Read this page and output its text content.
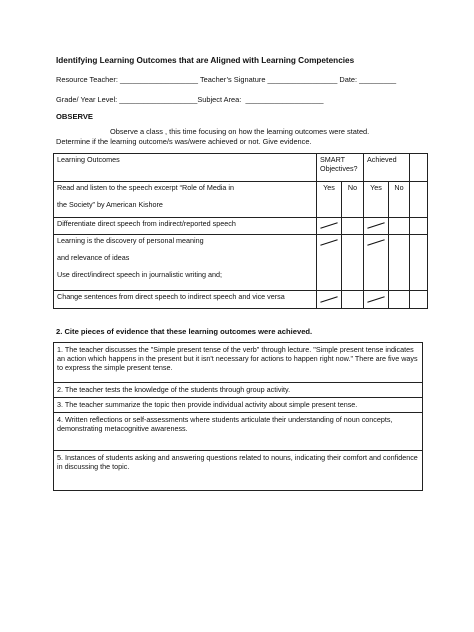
Identifying Learning Outcomes that are Aligned with Learning Competencies
Resource Teacher: ___________________ Teacher’s Signature _________________ Date: _________
Grade/ Year Level: ___________________Subject Area:  ___________________
OBSERVE
Observe a class , this time focusing on how the learning outcomes were stated.
Determine if the learning outcome/s was/were achieved or not. Give evidence.
Learning Outcomes	SMART Objectives?		Achieved		

Read and listen to the speech excerpt “Role of Media in
the Society” by American Kishore	Yes	No	Yes	No	
Differentiate direct speech from indirect/reported speech					

Learning is the discovery of personal meaning
and relevance of ideas
Use direct/indirect speech in journalistic writing and;					

Change sentences from direct speech to indirect speech and vice versa					
2. Cite pieces of evidence that these learning outcomes were achieved.
1. The teacher discusses the "Simple present tense of the verb" through lecture. "Simple present tense indicates an action which happens in the present but it isn't necessary for actions to happen right now." There are five ways to express the simple present tense.
2. The teacher tests the knowledge of the students through group activity.
3. The teacher summarize the topic then provide individual activity about simple present tense.
4. Written reflections or self-assessments where students articulate their understanding of noun concepts, demonstrating metacognitive awareness.
5. Instances of students asking and answering questions related to nouns, indicating their comfort and confidence in discussing the topic.
